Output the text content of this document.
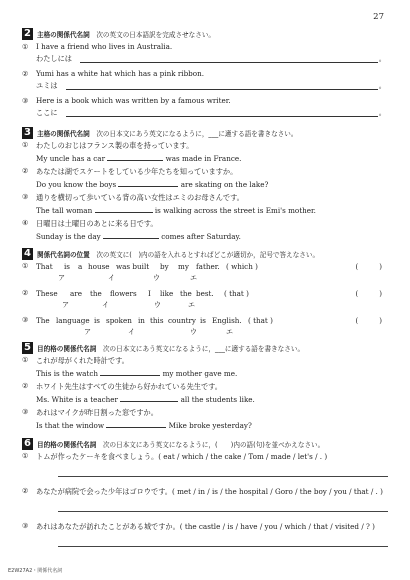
27
2 主格の関係代名詞　 次の英文の日本語訳を完成させなさい。
① I have a friend who lives in Australia.
わたしには	。
② Yumi has a white hat which has a pink ribbon.
ユミは	。
③ Here is a book which was written by a famous writer.
ここに	。
3 主格の関係代名詞　 次の日本文にあう英文になるように，___に適する語を書きなさい。
① わたしのおじはフランス製の車を持っています。
My uncle has a car	was made in France.
② あなたは湖でスケートをしている少年たちを知っていますか。
Do you know the boys	are skating on the lake?
③ 通りを横切って歩いている背の高い女性はエミのお母さんです。
The tall woman	is walking across the street is Emi's mother.
④ 日曜日は土曜日のあとに来る日です。
Sunday is the day	comes after Saturday.
4 関係代名詞の位置　 次の英文に(　)内の語を入れるとすればどこが適切か，記号で答えなさい。
① That is a house was built by my father. ( which )
ア	イ	ウ	エ
(　　　)
② These are the flowers I like the best. ( that )
ア	イ	ウ	エ
(　　　)
③ The language is spoken in this country is English. ( that )
ア	イ	ウ	エ
(　　　)
5 目的格の関係代名詞　 次の日本文にあう英文になるように，___に適する語を書きなさい。
① これが母がくれた時計です。
This is the watch	my mother gave me.
② ホワイト先生はすべての生徒から好かれている先生です。
Ms. White is a teacher	all the students like.
③ あれはマイクが昨日割った窓ですか。
Is that the window	Mike broke yesterday?
6 目的格の関係代名詞　 次の日本文にあう英文になるように，(　　)内の語(句)を並べかえなさい。
① トムが作ったケーキを食べましょう。( eat / which / the cake / Tom / made / let's / . )
② あなたが病院で会った少年はゴロウです。( met / in / is / the hospital / Goro / the boy / you / that / . )
③ あれはあなたが訪れたことがある城ですか。( the castle / is / have / you / which / that / visited / ? )
E2W27A2・関係代名詞
